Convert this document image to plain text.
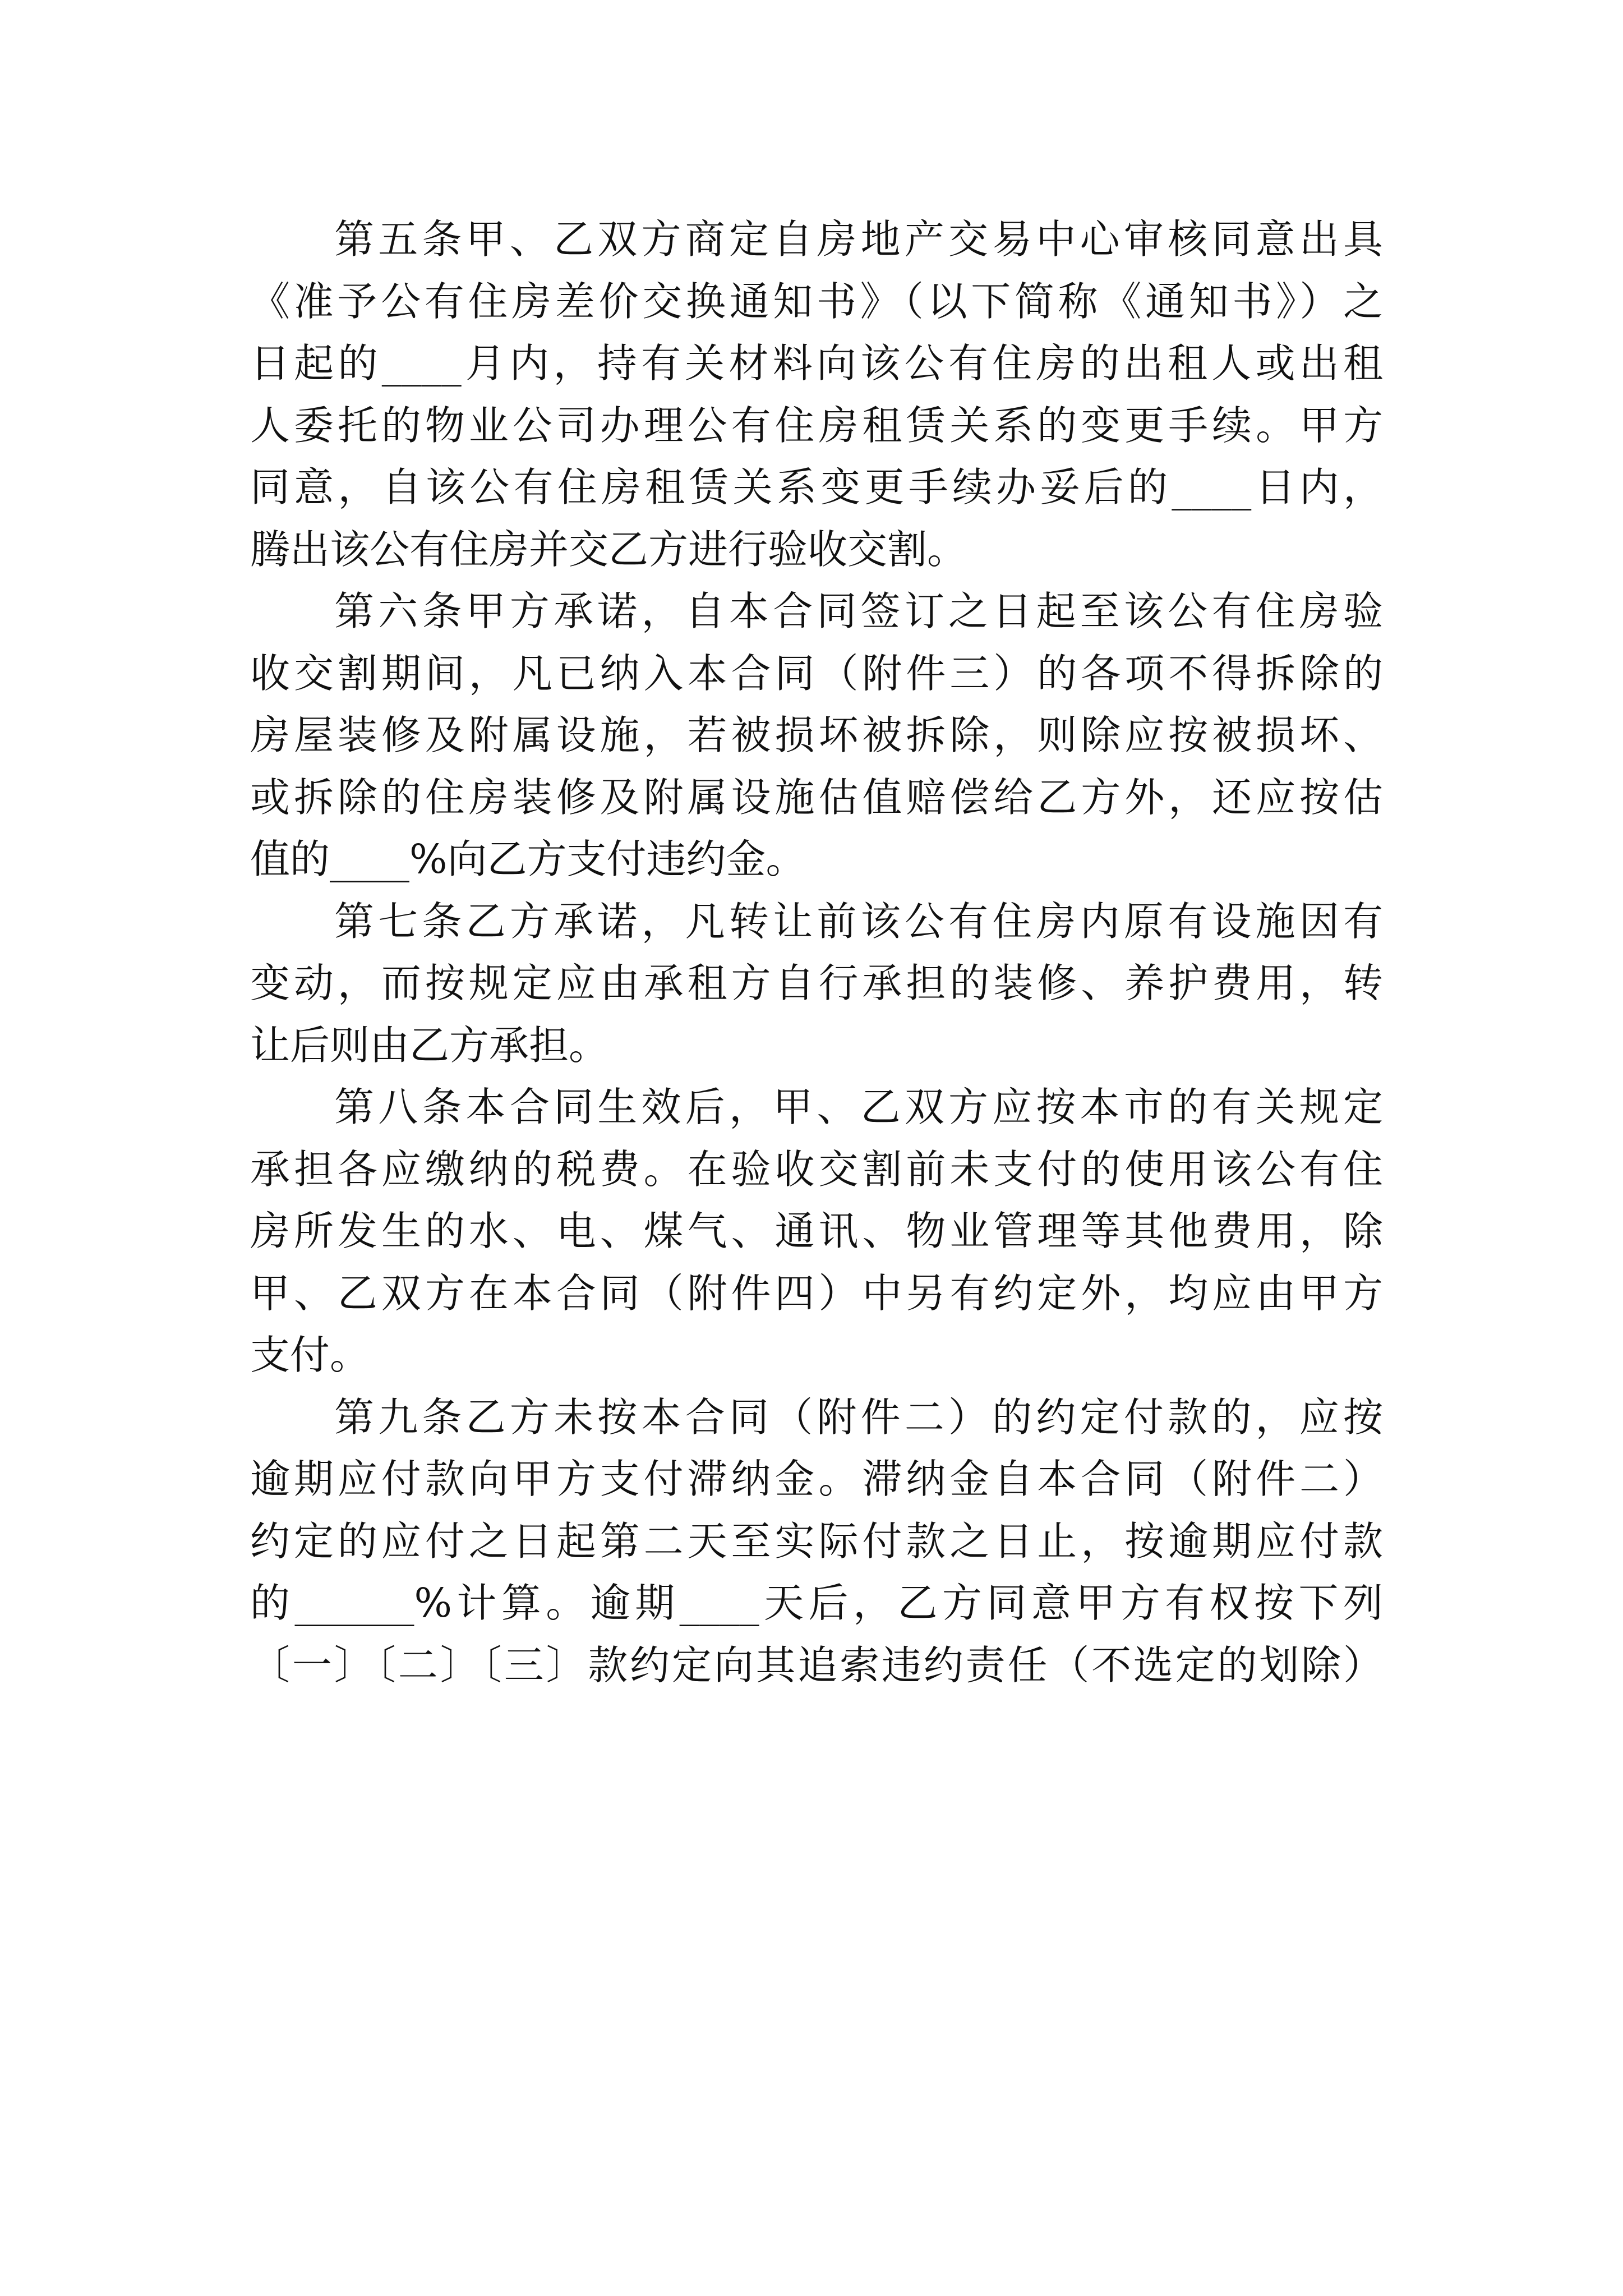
第五条甲、乙双方商定自房地产交易中心审核同意出具
《准予公有住房差价交换通知书》（以下简称《通知书》）之
日起的____月内，持有关材料向该公有住房的出租人或出租
人委托的物业公司办理公有住房租赁关系的变更手续。甲方
同意，自该公有住房租赁关系变更手续办妥后的____日内，
腾出该公有住房并交乙方进行验收交割。
第六条甲方承诺，自本合同签订之日起至该公有住房验
收交割期间，凡已纳入本合同（附件三）的各项不得拆除的
房屋装修及附属设施，若被损坏被拆除，则除应按被损坏、
或拆除的住房装修及附属设施估值赔偿给乙方外，还应按估
值的____%向乙方支付违约金。
第七条乙方承诺，凡转让前该公有住房内原有设施因有
变动，而按规定应由承租方自行承担的装修、养护费用，转
让后则由乙方承担。
第八条本合同生效后，甲、乙双方应按本市的有关规定
承担各应缴纳的税费。在验收交割前未支付的使用该公有住
房所发生的水、电、煤气、通讯、物业管理等其他费用，除
甲、乙双方在本合同（附件四）中另有约定外，均应由甲方
支付。
第九条乙方未按本合同（附件二）的约定付款的，应按
逾期应付款向甲方支付滞纳金。滞纳金自本合同（附件二）
约定的应付之日起第二天至实际付款之日止，按逾期应付款
的______%计算。逾期____天后，乙方同意甲方有权按下列
〔一〕〔二〕〔三〕款约定向其追索违约责任（不选定的划除）
